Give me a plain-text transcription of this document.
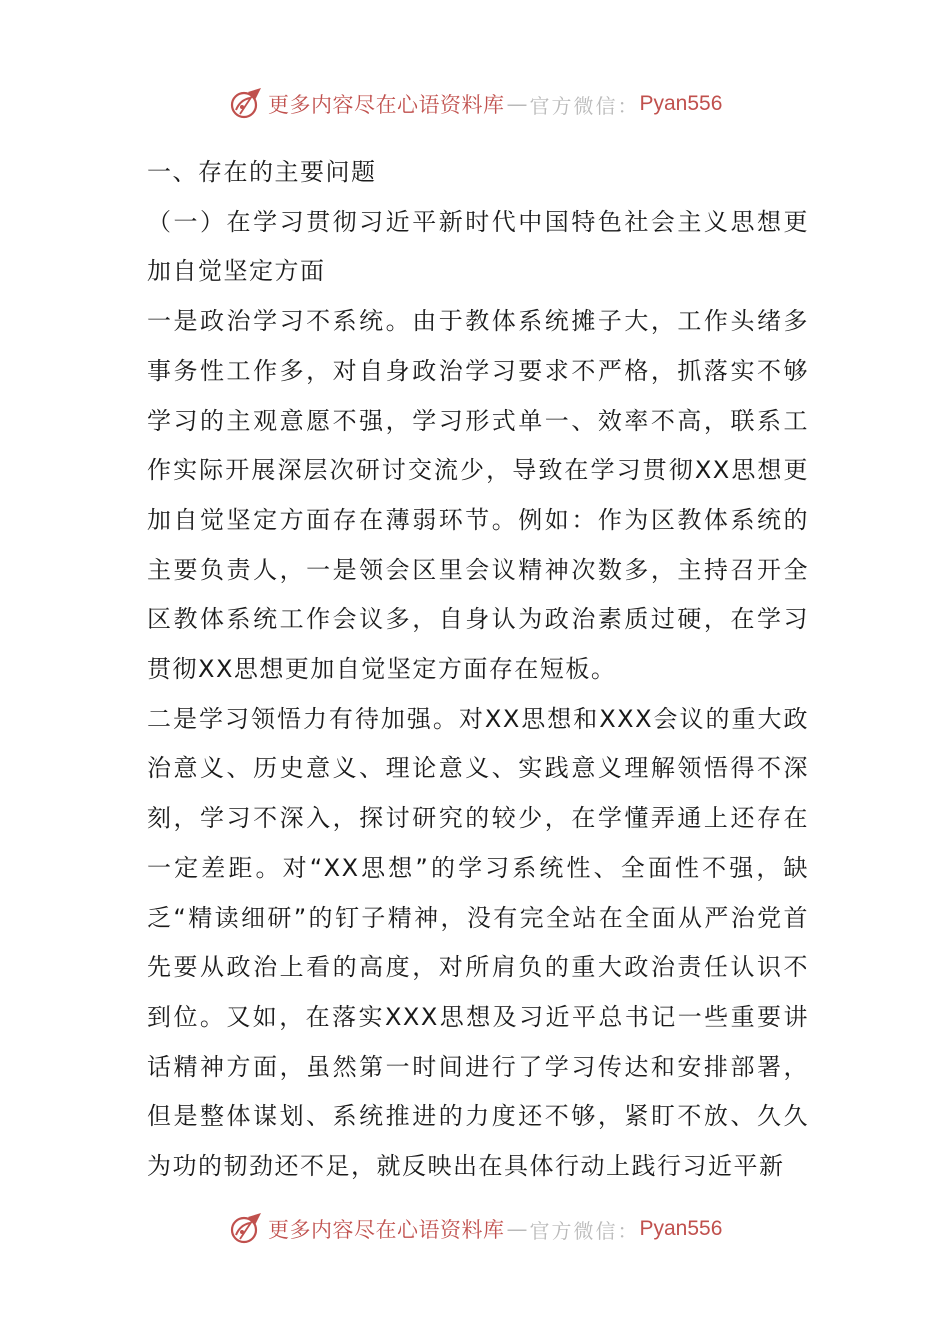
更多内容尽在心语资料库 — 官方微信： Pyan556

一、存在的主要问题

（一）在学习贯彻习近平新时代中国特色社会主义思想更加自觉坚定方面

一是政治学习不系统。由于教体系统摊子大，工作头绪多事务性工作多，对自身政治学习要求不严格，抓落实不够学习的主观意愿不强，学习形式单一、效率不高，联系工作实际开展深层次研讨交流少，导致在学习贯彻XX思想更加自觉坚定方面存在薄弱环节。例如：作为区教体系统的主要负责人，一是领会区里会议精神次数多，主持召开全区教体系统工作会议多，自身认为政治素质过硬，在学习贯彻XX思想更加自觉坚定方面存在短板。

二是学习领悟力有待加强。对XX思想和XXX会议的重大政治意义、历史意义、理论意义、实践意义理解领悟得不深刻，学习不深入，探讨研究的较少，在学懂弄通上还存在一定差距。对“XX思想”的学习系统性、全面性不强，缺乏“精读细研”的钉子精神，没有完全站在全面从严治党首先要从政治上看的高度，对所肩负的重大政治责任认识不到位。又如，在落实XXX思想及习近平总书记一些重要讲话精神方面，虽然第一时间进行了学习传达和安排部署，但是整体谋划、系统推进的力度还不够，紧盯不放、久久为功的韧劲还不足，就反映出在具体行动上践行习近平新

更多内容尽在心语资料库 — 官方微信： Pyan556
